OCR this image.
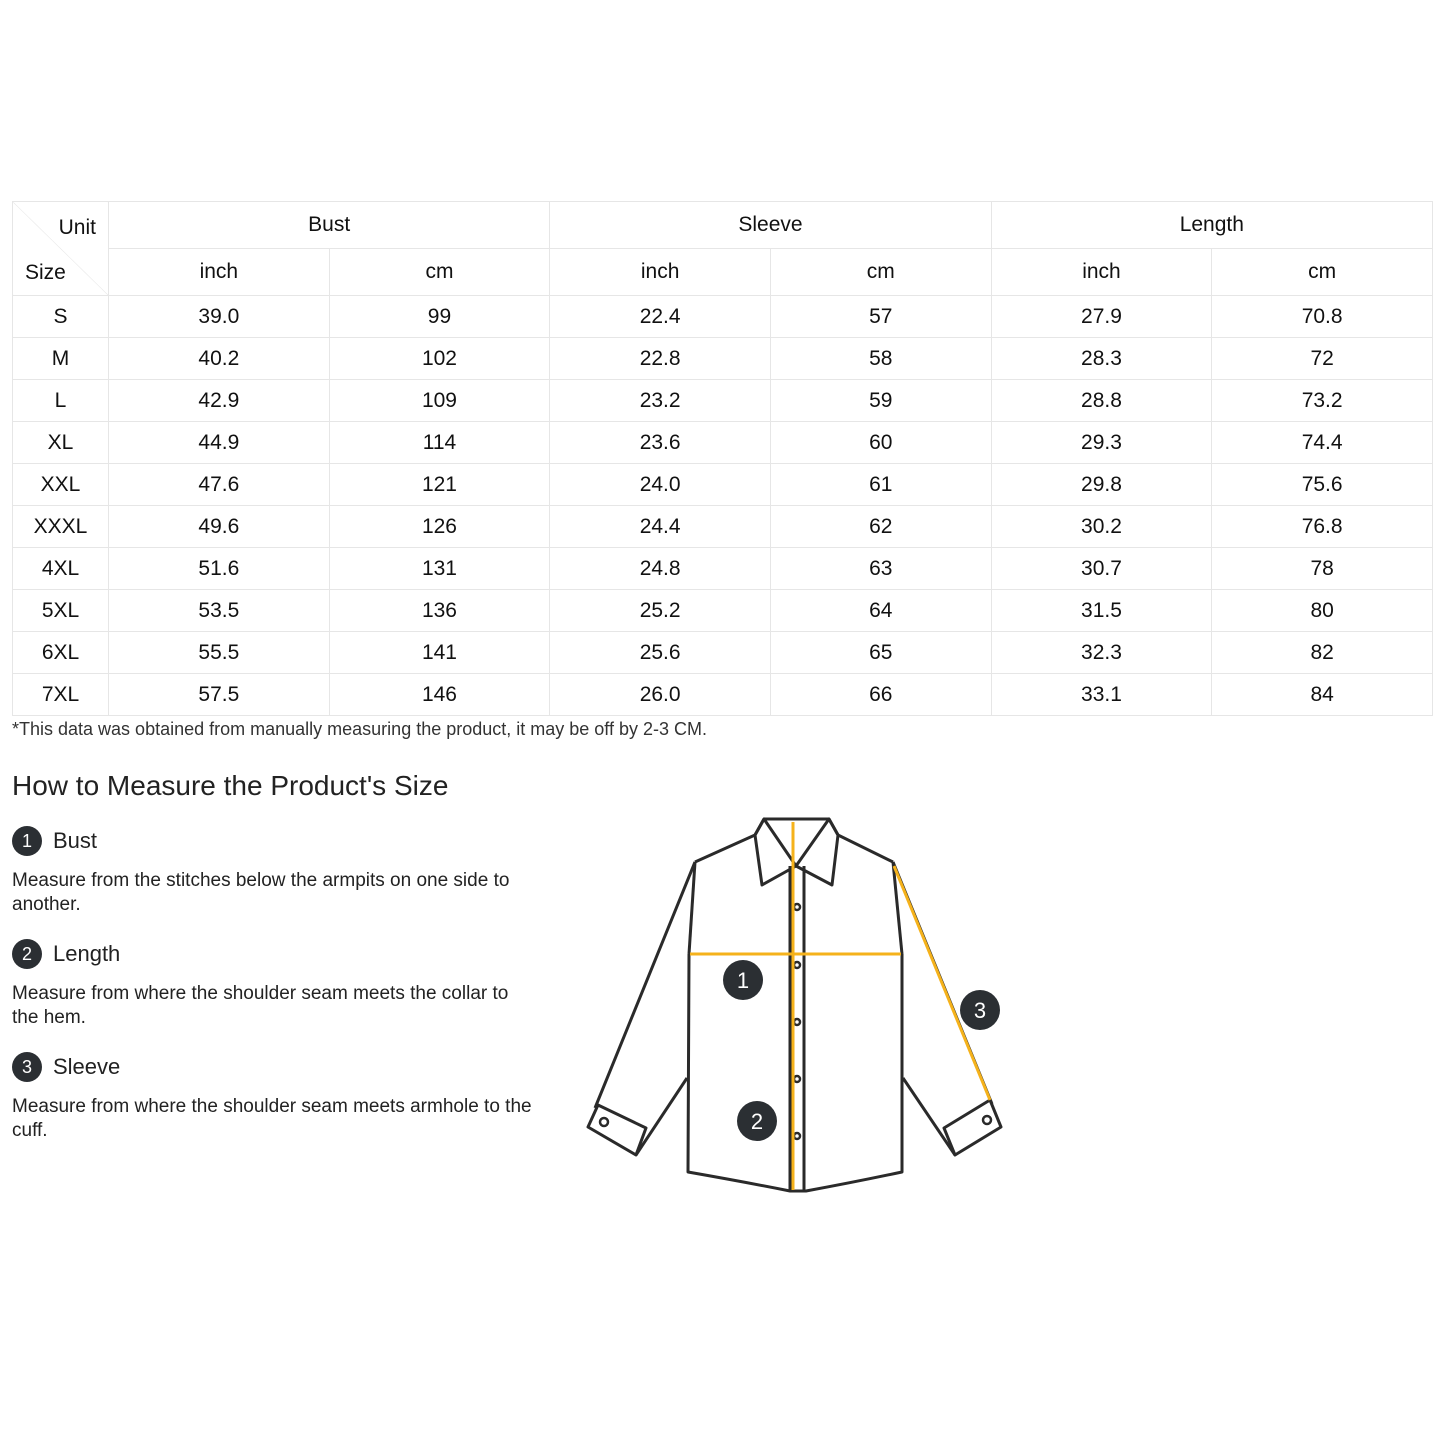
Unit
Size	Bust		Sleeve		Length	
	inch	cm	inch	cm	inch	cm
S	39.0	99	22.4	57	27.9	70.8
M	40.2	102	22.8	58	28.3	72
L	42.9	109	23.2	59	28.8	73.2
XL	44.9	114	23.6	60	29.3	74.4
XXL	47.6	121	24.0	61	29.8	75.6
XXXL	49.6	126	24.4	62	30.2	76.8
4XL	51.6	131	24.8	63	30.7	78
5XL	53.5	136	25.2	64	31.5	80
6XL	55.5	141	25.6	65	32.3	82
7XL	57.5	146	26.0	66	33.1	84

*This data was obtained from manually measuring the product, it may be off by 2-3 CM.

How to Measure the Product's Size
1 Bust
Measure from the stitches below the armpits on one side to another.
2 Length
Measure from where the shoulder seam meets the collar to the hem.
3 Sleeve
Measure from where the shoulder seam meets armhole to the cuff.
1
2
3
